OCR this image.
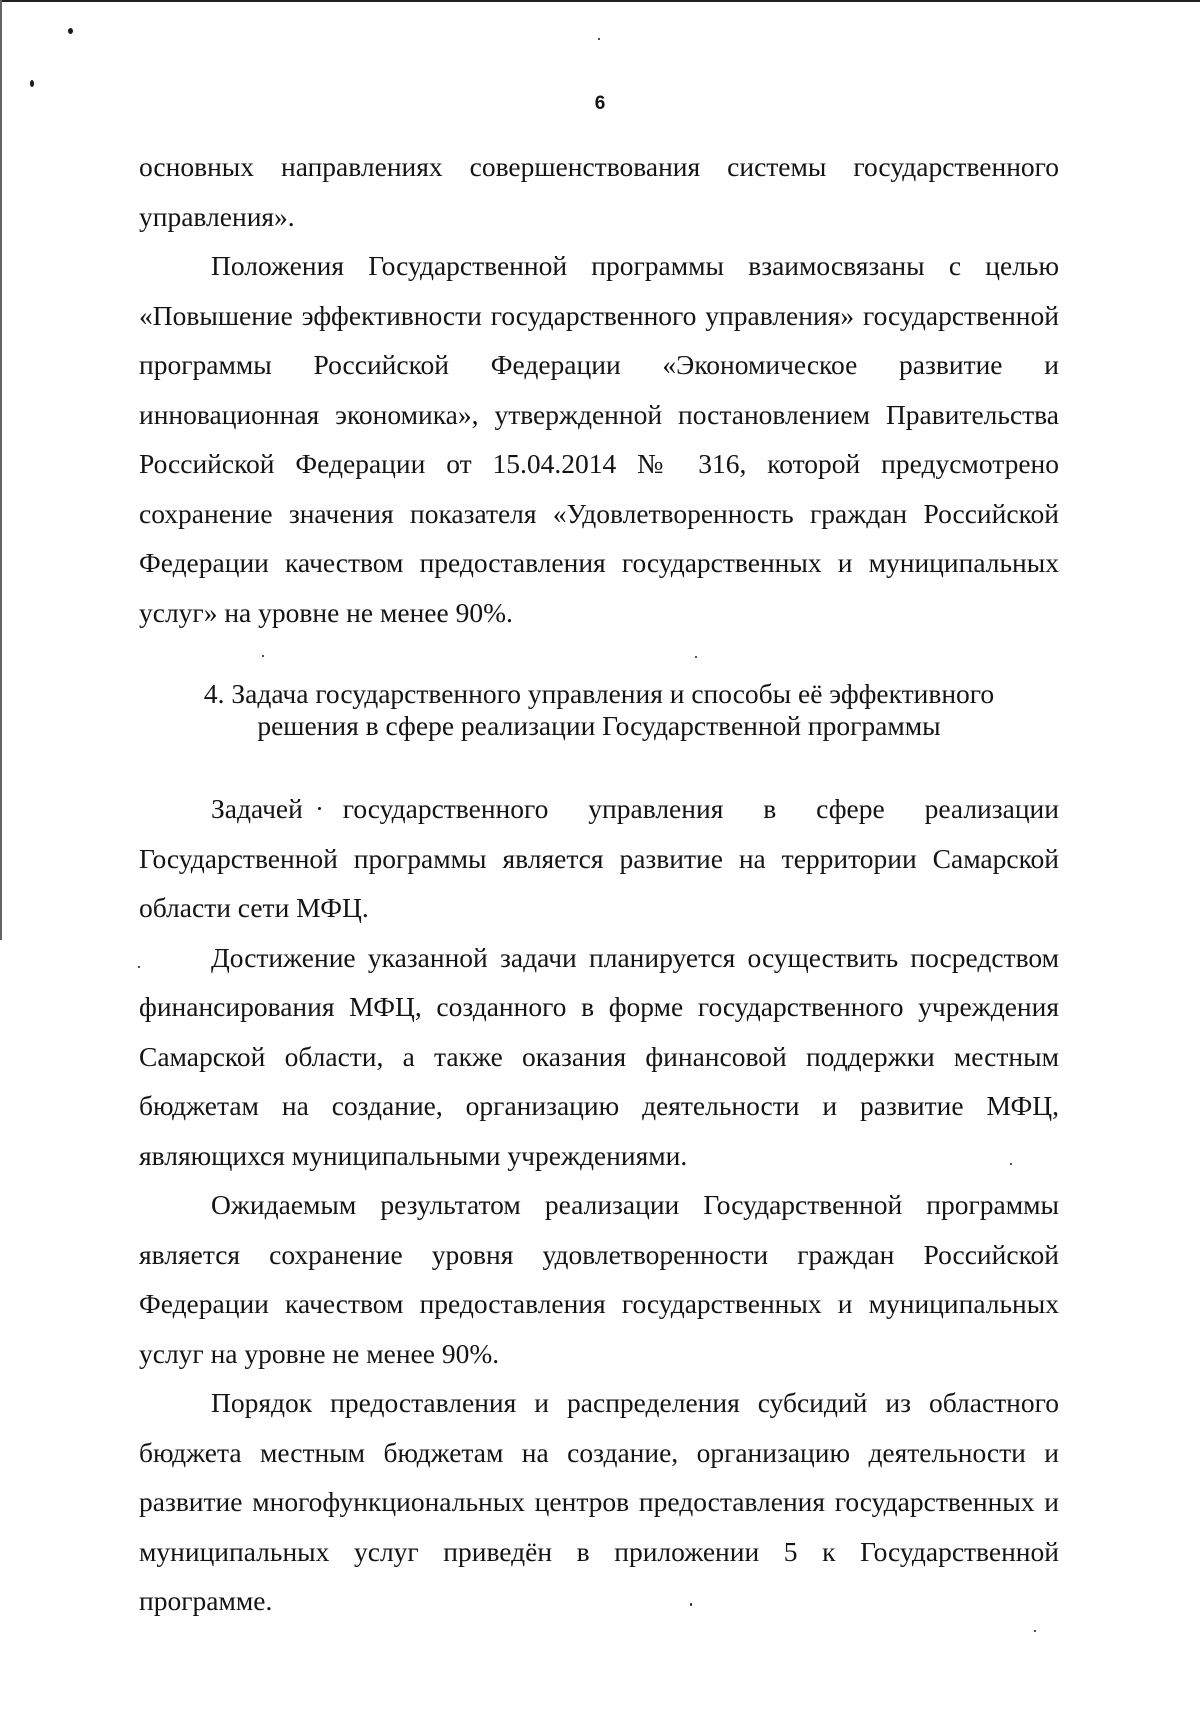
6

основных направлениях совершенствования системы государственного управления».

Положения Государственной программы взаимосвязаны с целью «Повышение эффективности государственного управления» государственной программы Российской Федерации «Экономическое развитие и инновационная экономика», утвержденной постановлением Правительства Российской Федерации от 15.04.2014 № 316, которой предусмотрено сохранение значения показателя «Удовлетворенность граждан Российской Федерации качеством предоставления государственных и муниципальных услуг» на уровне не менее 90%.

4. Задача государственного управления и способы её эффективного
решения в сфере реализации Государственной программы

Задачей государственного управления в сфере реализации Государственной программы является развитие на территории Самарской области сети МФЦ.

Достижение указанной задачи планируется осуществить посредством финансирования МФЦ, созданного в форме государственного учреждения Самарской области, а также оказания финансовой поддержки местным бюджетам на создание, организацию деятельности и развитие МФЦ, являющихся муниципальными учреждениями.

Ожидаемым результатом реализации Государственной программы является сохранение уровня удовлетворенности граждан Российской Федерации качеством предоставления государственных и муниципальных услуг на уровне не менее 90%.

Порядок предоставления и распределения субсидий из областного бюджета местным бюджетам на создание, организацию деятельности и развитие многофункциональных центров предоставления государственных и муниципальных услуг приведён в приложении 5 к Государственной программе.
